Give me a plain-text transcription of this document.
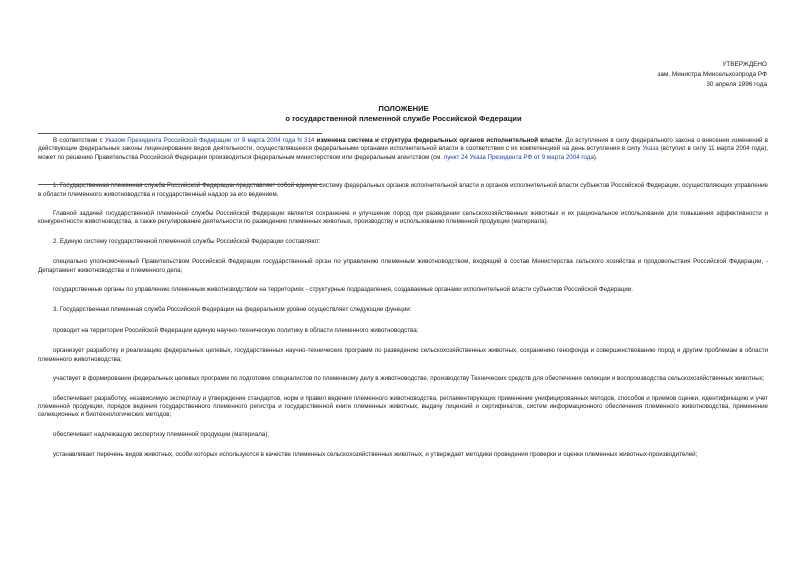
УТВЕРЖДЕНО
зам. Министра Минсельхозпрода РФ
30 апреля 1996 года
ПОЛОЖЕНИЕ
о государственной племенной службе Российской Федерации

В соответствии с Указом Президента Российской Федерации от 9 марта 2004 года N 314 изменена система и структура федеральных органов исполнительной власти. До вступления в силу федерального закона о внесении изменений в действующие федеральные законы лицензирование видов деятельности, осуществлявшееся федеральными органами исполнительной власти в соответствии с их компетенцией на день вступления в силу Указа (вступил в силу 11 марта 2004 года), может по решению Правительства Российской Федерации производиться федеральным министерством или федеральным агентством (см. пункт 24 Указа Президента РФ от 9 марта 2004 года).

1. Государственная племенная служба Российской Федерации представляет собой единую систему федеральных органов исполнительной власти и органов исполнительной власти субъектов Российской Федерации, осуществляющих управление в области племенного животноводства и государственный надзор за его ведением.

Главной задачей государственной племенной службы Российской Федерации является сохранение и улучшение пород при разведении сельскохозяйственных животных и их рациональное использование для повышения эффективности и конкурентности животноводства, а также регулирование деятельности по разведению племенных животных, производству и использованию племенной продукции (материала).

2. Единую систему государственной племенной службы Российской Федерации составляют:

специально уполномоченный Правительством Российской Федерации государственный орган по управлению племенным животноводством, входящий в состав Министерства сельского хозяйства и продовольствия Российской Федерации, - Департамент животноводства и племенного дела;

государственные органы по управлению племенным животноводством на территориях - структурные подразделения, создаваемые органами исполнительной власти субъектов Российской Федерации.

3. Государственная племенная служба Российской Федерации на федеральном уровне осуществляет следующие функции:

проводит на территории Российской Федерации единую научно-техническую политику в области племенного животноводства;

организует разработку и реализацию федеральных целевых, государственных научно-технических программ по разведению сельскохозяйственных животных, сохранению генофонда и совершенствованию пород и другим проблемам в области племенного животноводства;

участвует в формировании федеральных целевых программ по подготовке специалистов по племенному делу в животноводстве, производству Технических средств для обеспечения селекции и воспроизводства сельскохозяйственных животных;

обеспечивает разработку, независимую экспертизу и утверждение стандартов, норм и правил ведения племенного животноводства, регламентирующих применение унифицированных методов, способов и приемов оценки, идентификацию и учет племенной продукции, порядок ведения государственного племенного регистра и государственной книги племенных животных, выдачу лицензий и сертификатов, систем информационного обеспечения племенного животноводства, применение селекционных и биотехнологических методов;

обеспечивает надлежащую экспертизу племенной продукции (материала);

устанавливает перечень видов животных, особи которых используются в качестве племенных сельскохозяйственных животных, и утверждает методики проведения проверки и оценки племенных животных-производителей;
